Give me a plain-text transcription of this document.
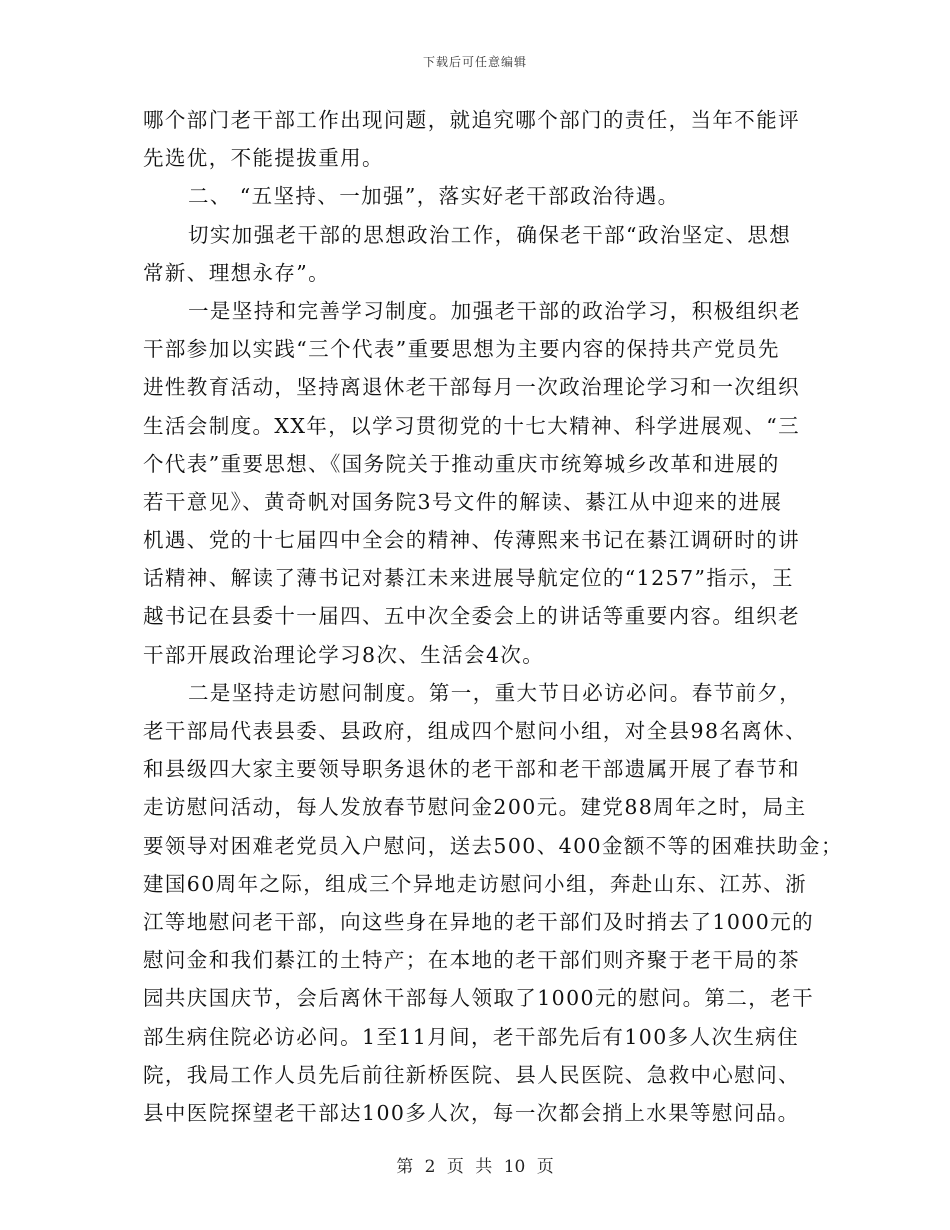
下载后可任意编辑
哪个部门老干部工作出现问题，就追究哪个部门的责任，当年不能评
先选优，不能提拔重用。
二、 “五坚持、一加强”，落实好老干部政治待遇。
切实加强老干部的思想政治工作，确保老干部“政治坚定、思想
常新、理想永存”。
一是坚持和完善学习制度。加强老干部的政治学习，积极组织老
干部参加以实践“三个代表”重要思想为主要内容的保持共产党员先
进性教育活动，坚持离退休老干部每月一次政治理论学习和一次组织
生活会制度。XX年，以学习贯彻党的十七大精神、科学进展观、“三
个代表”重要思想、《国务院关于推动重庆市统筹城乡改革和进展的
若干意见》、黄奇帆对国务院3号文件的解读、綦江从中迎来的进展
机遇、党的十七届四中全会的精神、传薄熙来书记在綦江调研时的讲
话精神、解读了薄书记对綦江未来进展导航定位的“1257”指示，王
越书记在县委十一届四、五中次全委会上的讲话等重要内容。组织老
干部开展政治理论学习8次、生活会4次。
二是坚持走访慰问制度。第一，重大节日必访必问。春节前夕，
老干部局代表县委、县政府，组成四个慰问小组，对全县98名离休、
和县级四大家主要领导职务退休的老干部和老干部遗属开展了春节和
走访慰问活动，每人发放春节慰问金200元。建党88周年之时，局主
要领导对困难老党员入户慰问，送去500、400金额不等的困难扶助金；
建国60周年之际，组成三个异地走访慰问小组，奔赴山东、江苏、浙
江等地慰问老干部，向这些身在异地的老干部们及时捎去了1000元的
慰问金和我们綦江的土特产；在本地的老干部们则齐聚于老干局的茶
园共庆国庆节，会后离休干部每人领取了1000元的慰问。第二，老干
部生病住院必访必问。1至11月间，老干部先后有100多人次生病住
院，我局工作人员先后前往新桥医院、县人民医院、急救中心慰问、
县中医院探望老干部达100多人次，每一次都会捎上水果等慰问品。
第 2 页 共 10 页
